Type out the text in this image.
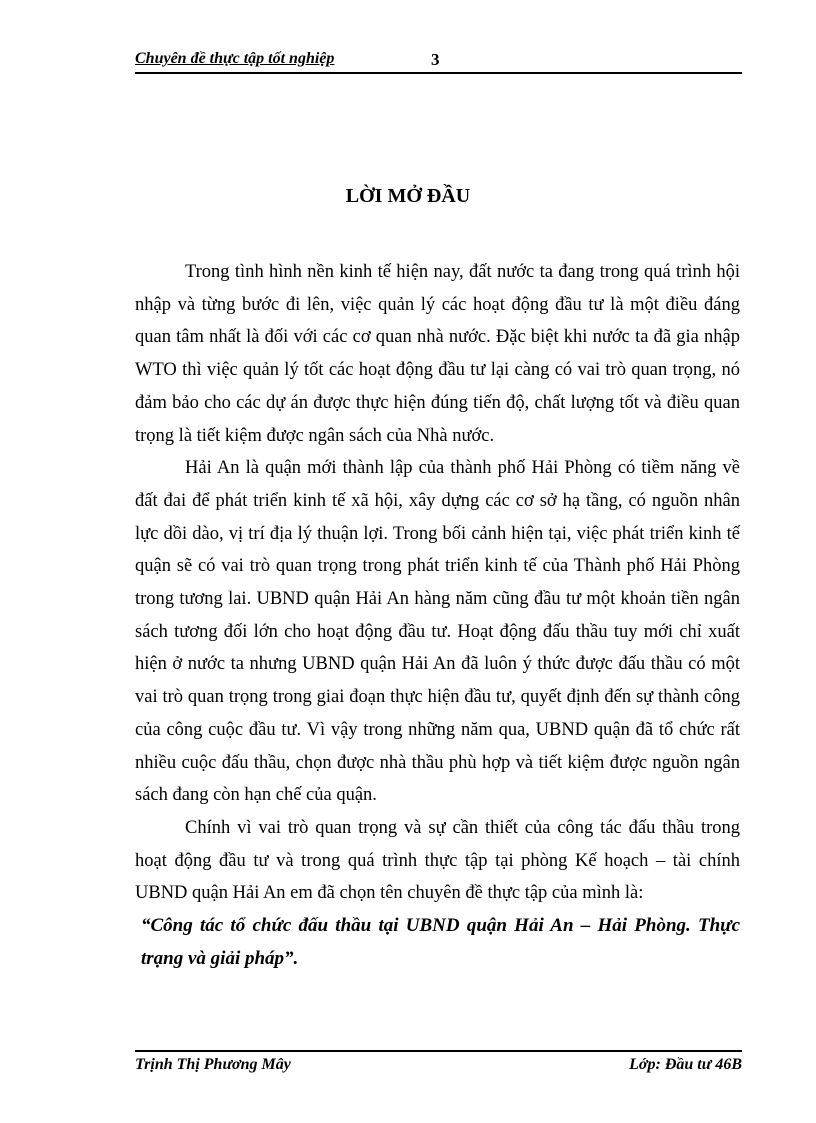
Chuyên đề thực tập tốt nghiệp	3
LỜI MỞ ĐẦU

Trong tình hình nền kinh tế hiện nay, đất nước ta đang trong quá trình hội nhập và từng bước đi lên, việc quản lý các hoạt động đầu tư là một điều đáng quan tâm nhất là đối với các cơ quan nhà nước. Đặc biệt khi nước ta đã gia nhập WTO thì việc quản lý tốt các hoạt động đầu tư lại càng có vai trò quan trọng, nó đảm bảo cho các dự án được thực hiện đúng tiến độ, chất lượng tốt và điều quan trọng là tiết kiệm được ngân sách của Nhà nước.

Hải An là quận mới thành lập của thành phố Hải Phòng có tiềm năng về đất đai để phát triển kinh tế xã hội, xây dựng các cơ sở hạ tầng, có nguồn nhân lực dồi dào, vị trí địa lý thuận lợi. Trong bối cảnh hiện tại, việc phát triển kinh tế quận sẽ có vai trò quan trọng trong phát triển kinh tế của Thành phố Hải Phòng trong tương lai. UBND quận Hải An hàng năm cũng đầu tư một khoản tiền ngân sách tương đối lớn cho hoạt động đầu tư. Hoạt động đấu thầu tuy mới chỉ xuất hiện ở nước ta nhưng UBND quận Hải An đã luôn ý thức được đấu thầu có một vai trò quan trọng trong giai đoạn thực hiện đầu tư, quyết định đến sự thành công của công cuộc đầu tư. Vì vậy trong những năm qua, UBND quận đã tổ chức rất nhiều cuộc đấu thầu, chọn được nhà thầu phù hợp và tiết kiệm được nguồn ngân sách đang còn hạn chế của quận.

Chính vì vai trò quan trọng và sự cần thiết của công tác đấu thầu trong hoạt động đầu tư và trong quá trình thực tập tại phòng Kế hoạch – tài chính UBND quận Hải An em đã chọn tên chuyên đề thực tập của mình là:

“Công tác tổ chức đấu thầu tại UBND quận Hải An – Hải Phòng. Thực trạng và giải pháp”.

Trịnh Thị Phương Mây	Lớp: Đầu tư 46B
